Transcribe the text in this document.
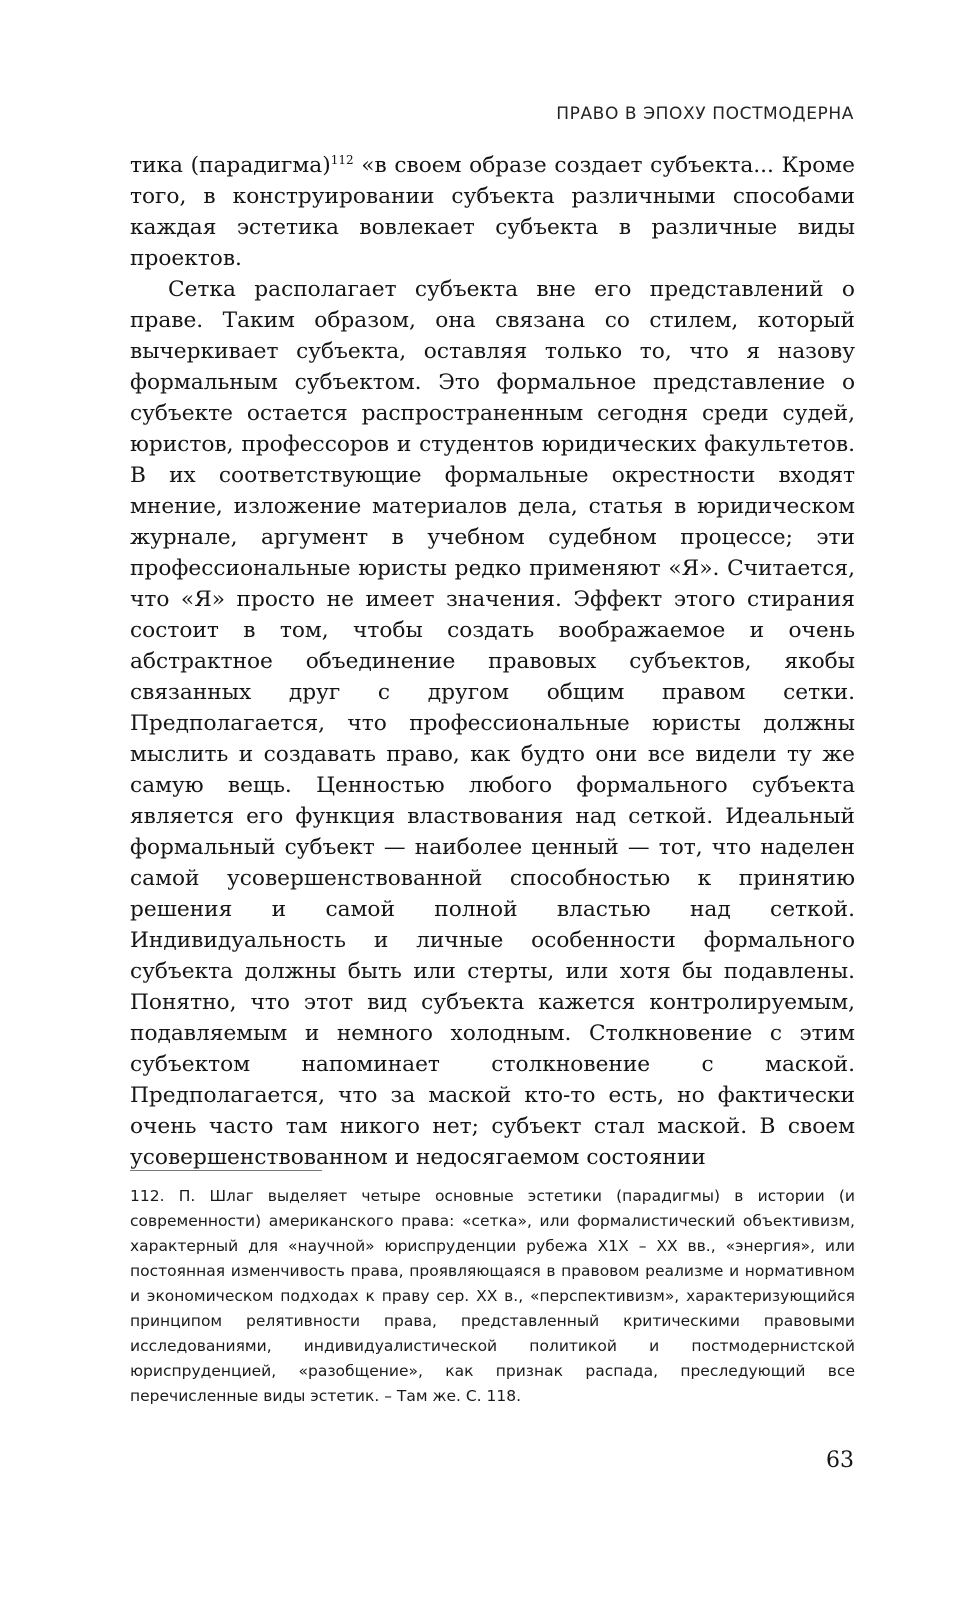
ПРАВО В ЭПОХУ ПОСТМОДЕРНА

тика (парадигма)$^{112}$ «в своем образе создает субъекта... Кроме того, в конструировании субъекта различными способами каждая эстетика вовлекает субъекта в различные виды проектов.

Сетка располагает субъекта вне его представлений о праве. Таким образом, она связана со стилем, который вычеркивает субъекта, оставляя только то, что я назову формальным субъектом. Это формальное представление о субъекте остается распространенным сегодня среди судей, юристов, профессоров и студентов юридических факультетов. В их соответствующие формальные окрестности входят мнение, изложение материалов дела, статья в юридическом журнале, аргумент в учебном судебном процессе; эти профессиональные юристы редко применяют «Я». Считается, что «Я» просто не имеет значения. Эффект этого стирания состоит в том, чтобы создать воображаемое и очень абстрактное объединение правовых субъектов, якобы связанных друг с другом общим правом сетки. Предполагается, что профессиональные юристы должны мыслить и создавать право, как будто они все видели ту же самую вещь. Ценностью любого формального субъекта является его функция властвования над сеткой. Идеальный формальный субъект — наиболее ценный — тот, что наделен самой усовершенствованной способностью к принятию решения и самой полной властью над сеткой. Индивидуальность и личные особенности формального субъекта должны быть или стерты, или хотя бы подавлены. Понятно, что этот вид субъекта кажется контролируемым, подавляемым и немного холодным. Столкновение с этим субъектом напоминает столкновение с маской. Предполагается, что за маской кто-то есть, но фактически очень часто там никого нет; субъект стал маской. В своем усовершенствованном и недосягаемом состоянии

112. П. Шлаг выделяет четыре основные эстетики (парадигмы) в истории (и современности) американского права: «сетка», или формалистический объективизм, характерный для «научной» юриспруденции рубежа X1X – XX вв., «энергия», или постоянная изменчивость права, проявляющаяся в правовом реализме и нормативном и экономическом подходах к праву сер. XX в., «перспективизм», характеризующийся принципом релятивности права, представленный критическими правовыми исследованиями, индивидуалистической политикой и постмодернистской юриспруденцией, «разобщение», как признак распада, преследующий все перечисленные виды эстетик. – Там же. С. 118.

63
